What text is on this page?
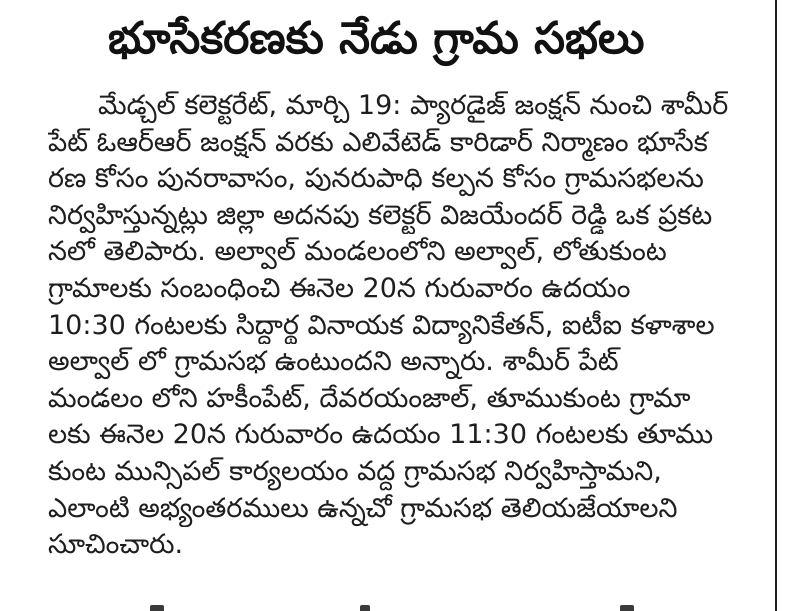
భూసేకరణకు నేడు గ్రామ సభలు
మేడ్చల్ కలెక్టరేట్, మార్చి 19: ప్యారడైజ్ జంక్షన్ నుంచి శామీర్
పేట్ ఓఆర్ఆర్ జంక్షన్ వరకు ఎలివేటెడ్ కారిడార్ నిర్మాణం భూసేక
రణ కోసం పునరావాసం, పునరుపాధి కల్పన కోసం గ్రామసభలను
నిర్వహిస్తున్నట్లు జిల్లా అదనపు కలెక్టర్ విజయేందర్ రెడ్డి ఒక ప్రకట
నలో తెలిపారు. అల్వాల్ మండలంలోని అల్వాల్, లోతుకుంట
గ్రామాలకు సంబంధించి ఈనెల 20న గురువారం ఉదయం
10:30 గంటలకు సిద్ధార్థ వినాయక విద్యానికేతన్, ఐటీఐ కళాశాల
అల్వాల్ లో గ్రామసభ ఉంటుందని అన్నారు. శామీర్ పేట్
మండలం లోని హకీంపేట్, దేవరయంజాల్, తూముకుంట గ్రామా
లకు ఈనెల 20న గురువారం ఉదయం 11:30 గంటలకు తూము
కుంట మున్సిపల్ కార్యలయం వద్ద గ్రామసభ నిర్వహిస్తామని,
ఎలాంటి అభ్యంతరములు ఉన్నచో గ్రామసభ తెలియజేయాలని
సూచించారు.
